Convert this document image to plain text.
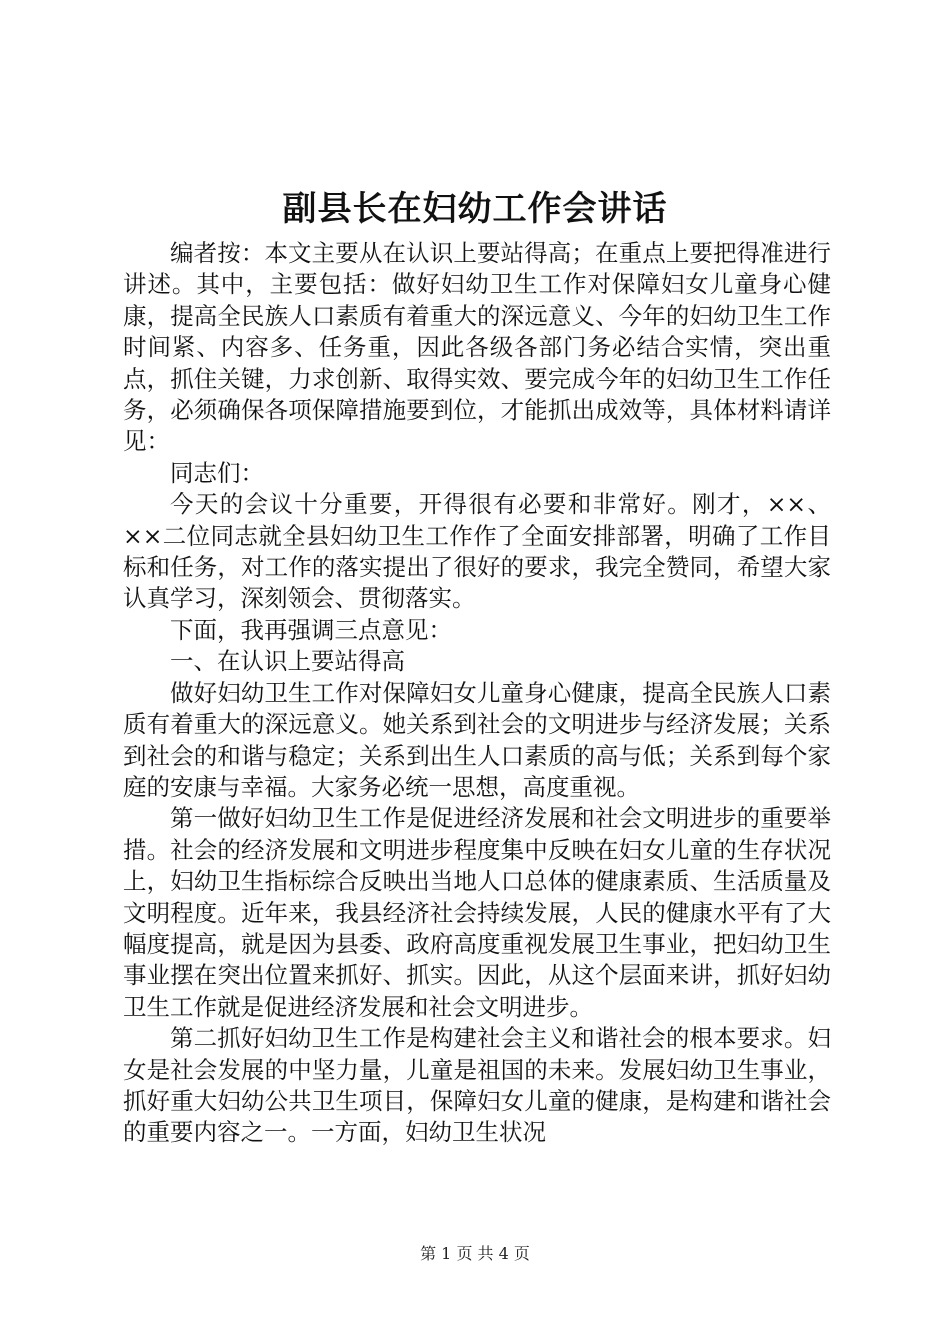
副县长在妇幼工作会讲话

编者按：本文主要从在认识上要站得高；在重点上要把得准进行讲述。其中，主要包括：做好妇幼卫生工作对保障妇女儿童身心健康，提高全民族人口素质有着重大的深远意义、今年的妇幼卫生工作时间紧、内容多、任务重，因此各级各部门务必结合实情，突出重点，抓住关键，力求创新、取得实效、要完成今年的妇幼卫生工作任务，必须确保各项保障措施要到位，才能抓出成效等，具体材料请详见：

同志们：

今天的会议十分重要，开得很有必要和非常好。刚才，××、××二位同志就全县妇幼卫生工作作了全面安排部署，明确了工作目标和任务，对工作的落实提出了很好的要求，我完全赞同，希望大家认真学习，深刻领会、贯彻落实。

下面，我再强调三点意见：

一、在认识上要站得高

做好妇幼卫生工作对保障妇女儿童身心健康，提高全民族人口素质有着重大的深远意义。她关系到社会的文明进步与经济发展；关系到社会的和谐与稳定；关系到出生人口素质的高与低；关系到每个家庭的安康与幸福。大家务必统一思想，高度重视。

第一做好妇幼卫生工作是促进经济发展和社会文明进步的重要举措。社会的经济发展和文明进步程度集中反映在妇女儿童的生存状况上，妇幼卫生指标综合反映出当地人口总体的健康素质、生活质量及文明程度。近年来，我县经济社会持续发展，人民的健康水平有了大幅度提高，就是因为县委、政府高度重视发展卫生事业，把妇幼卫生事业摆在突出位置来抓好、抓实。因此，从这个层面来讲，抓好妇幼卫生工作就是促进经济发展和社会文明进步。

第二抓好妇幼卫生工作是构建社会主义和谐社会的根本要求。妇女是社会发展的中坚力量，儿童是祖国的未来。发展妇幼卫生事业，抓好重大妇幼公共卫生项目，保障妇女儿童的健康，是构建和谐社会的重要内容之一。一方面，妇幼卫生状况

第 1 页 共 4 页
